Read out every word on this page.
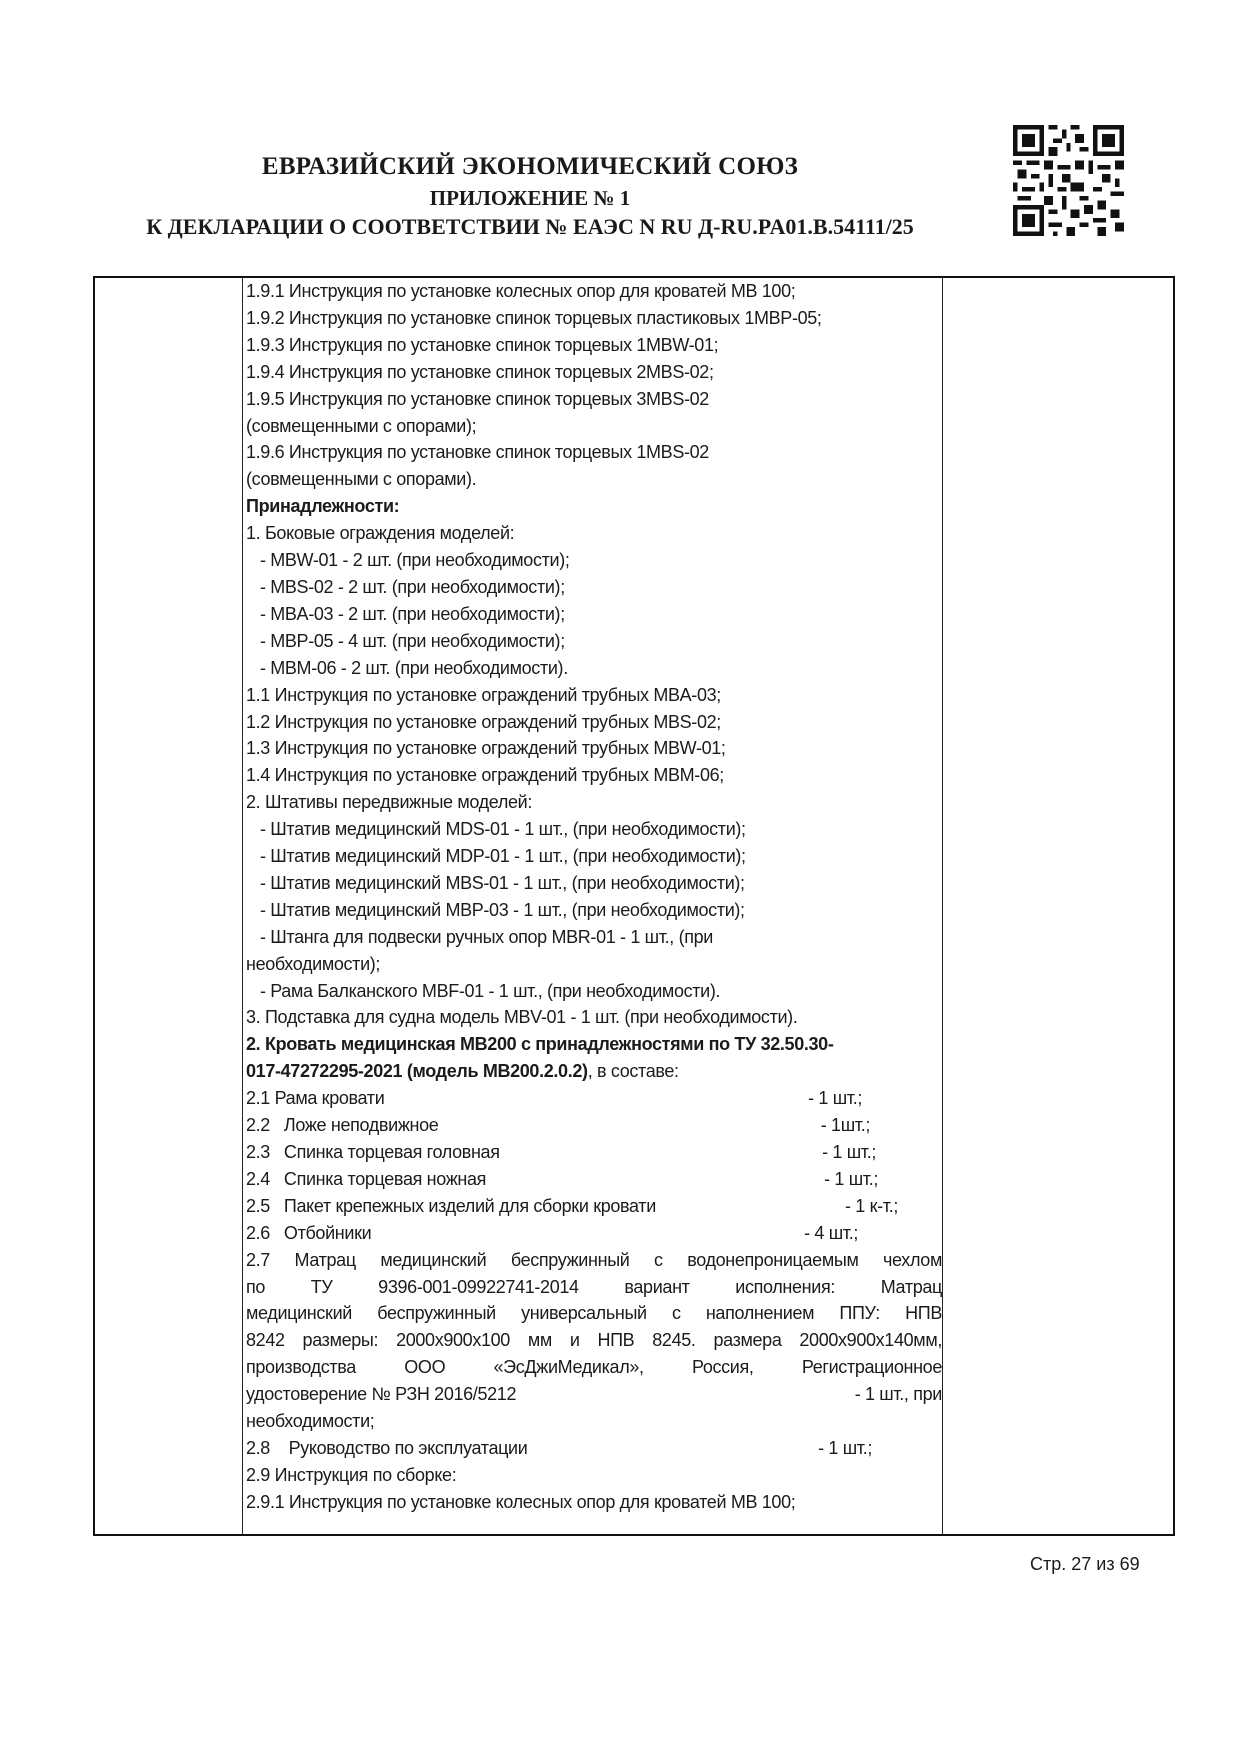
ЕВРАЗИЙСКИЙ ЭКОНОМИЧЕСКИЙ СОЮЗ
ПРИЛОЖЕНИЕ № 1
К ДЕКЛАРАЦИИ О СООТВЕТСТВИИ № ЕАЭС N RU Д-RU.PA01.B.54111/25
1.9.1 Инструкция по установке колесных опор для кроватей МВ 100;
1.9.2 Инструкция по установке спинок торцевых пластиковых 1MBP-05;
1.9.3 Инструкция по установке спинок торцевых 1MBW-01;
1.9.4 Инструкция по установке спинок торцевых 2MBS-02;
1.9.5 Инструкция по установке спинок торцевых 3MBS-02
(совмещенными с опорами);
1.9.6 Инструкция по установке спинок торцевых 1MBS-02
(совмещенными с опорами).
Принадлежности:
1. Боковые ограждения моделей:
- MBW-01 - 2 шт. (при необходимости);
- MBS-02 - 2 шт. (при необходимости);
- MBA-03 - 2 шт. (при необходимости);
- MBP-05 - 4 шт. (при необходимости);
- MBM-06 - 2 шт. (при необходимости).
1.1 Инструкция по установке ограждений трубных MBA-03;
1.2 Инструкция по установке ограждений трубных MBS-02;
1.3 Инструкция по установке ограждений трубных MBW-01;
1.4 Инструкция по установке ограждений трубных MBM-06;
2. Штативы передвижные моделей:
- Штатив медицинский MDS-01 - 1 шт., (при необходимости);
- Штатив медицинский MDP-01 - 1 шт., (при необходимости);
- Штатив медицинский MBS-01 - 1 шт., (при необходимости);
- Штатив медицинский MBP-03 - 1 шт., (при необходимости);
- Штанга для подвески ручных опор MBR-01 - 1 шт., (при
необходимости);
- Рама Балканского MBF-01 - 1 шт., (при необходимости).
3. Подставка для судна модель MBV-01 - 1 шт. (при необходимости).
2. Кровать медицинская МВ200 с принадлежностями по ТУ 32.50.30-
017-47272295-2021 (модель МВ200.2.0.2), в составе:
2.1 Рама кровати	- 1 шт.;
2.2   Ложе неподвижное	- 1шт.;
2.3   Спинка торцевая головная	- 1 шт.;
2.4   Спинка торцевая ножная	- 1 шт.;
2.5   Пакет крепежных изделий для сборки кровати	- 1 к-т.;
2.6   Отбойники	- 4 шт.;
2.7 Матрац медицинский беспружинный с водонепроницаемым чехлом
по ТУ 9396-001-09922741-2014 вариант исполнения: Матрац
медицинский беспружинный универсальный с наполнением ППУ: НПВ
8242 размеры: 2000х900х100 мм и НПВ 8245. размера 2000х900х140мм,
производства ООО «ЭсДжиМедикал», Россия, Регистрационное
удостоверение № РЗН 2016/5212	- 1 шт., при
необходимости;
2.8    Руководство по эксплуатации	- 1 шт.;
2.9 Инструкция по сборке:
2.9.1 Инструкция по установке колесных опор для кроватей МВ 100;
Стр. 27 из 69
